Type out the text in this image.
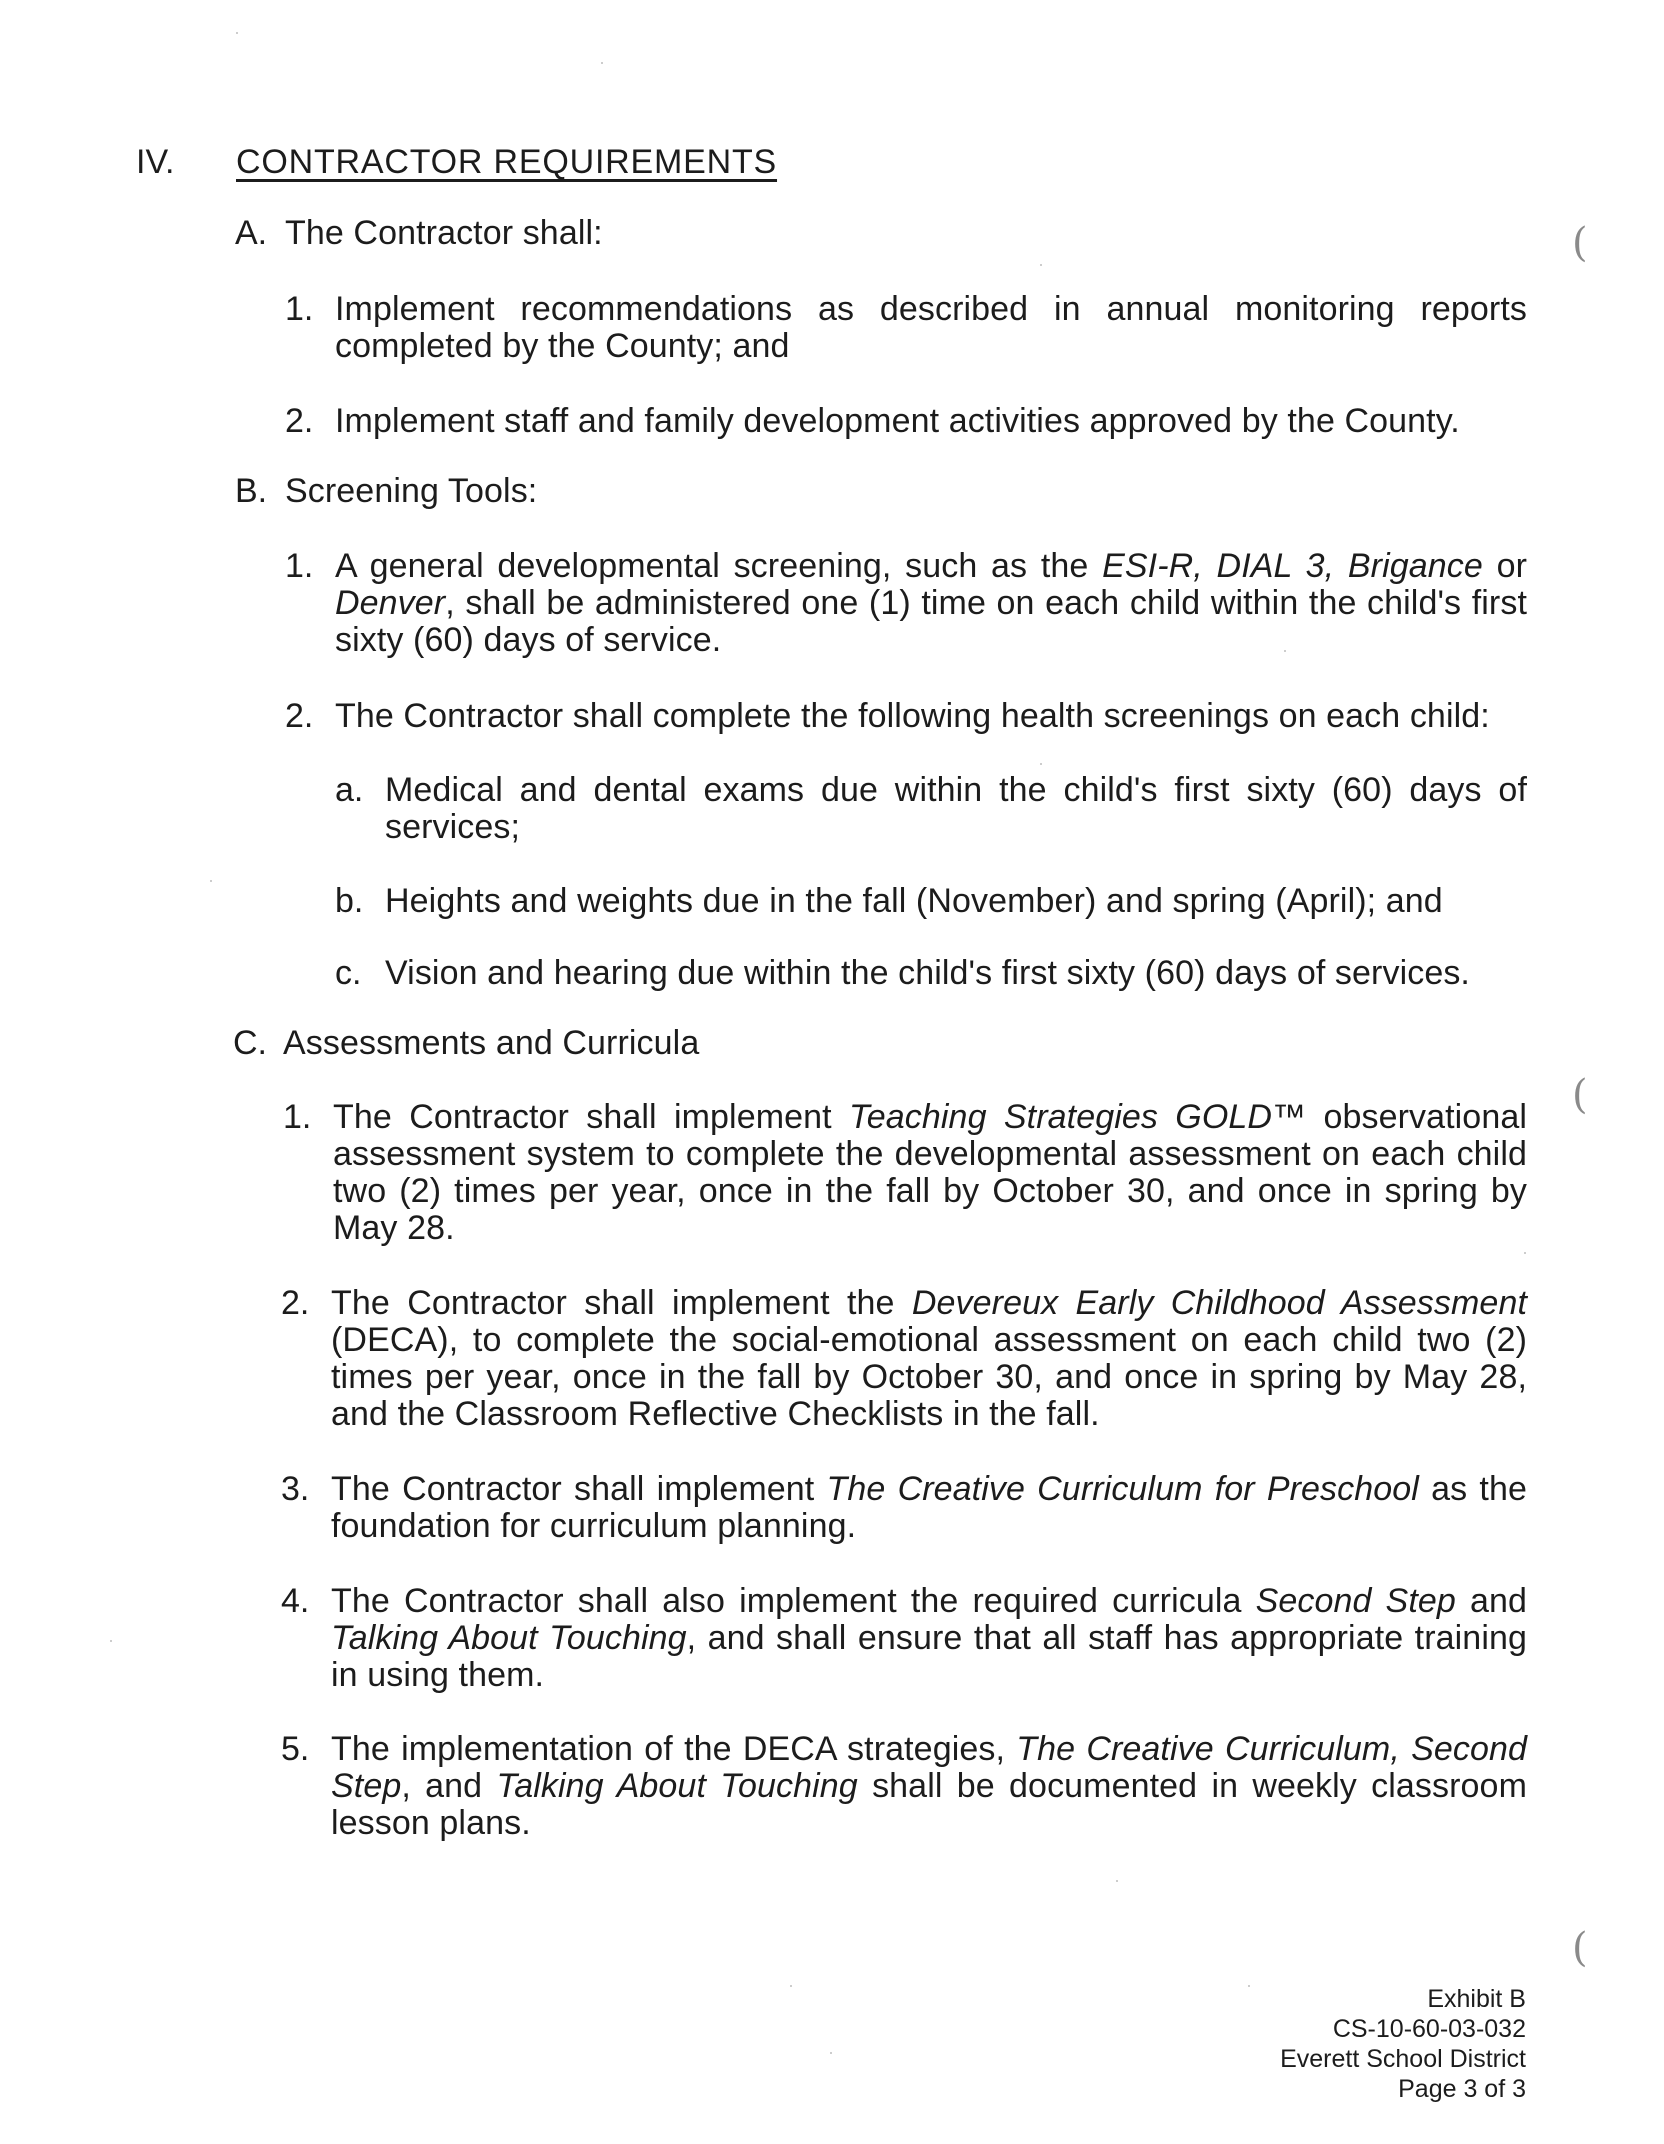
IV. CONTRACTOR REQUIREMENTS
A. The Contractor shall:
1. Implement recommendations as described in annual monitoring reports completed by the County; and
2. Implement staff and family development activities approved by the County.
B. Screening Tools:
1. A general developmental screening, such as the ESI-R, DIAL 3, Brigance or Denver, shall be administered one (1) time on each child within the child's first sixty (60) days of service.
2. The Contractor shall complete the following health screenings on each child:
a. Medical and dental exams due within the child's first sixty (60) days of services;
b. Heights and weights due in the fall (November) and spring (April); and
c. Vision and hearing due within the child's first sixty (60) days of services.
C. Assessments and Curricula
1. The Contractor shall implement Teaching Strategies GOLD™ observational assessment system to complete the developmental assessment on each child two (2) times per year, once in the fall by October 30, and once in spring by May 28.
2. The Contractor shall implement the Devereux Early Childhood Assessment (DECA), to complete the social-emotional assessment on each child two (2) times per year, once in the fall by October 30, and once in spring by May 28, and the Classroom Reflective Checklists in the fall.
3. The Contractor shall implement The Creative Curriculum for Preschool as the foundation for curriculum planning.
4. The Contractor shall also implement the required curricula Second Step and Talking About Touching, and shall ensure that all staff has appropriate training in using them.
5. The implementation of the DECA strategies, The Creative Curriculum, Second Step, and Talking About Touching shall be documented in weekly classroom lesson plans.
Exhibit B
CS-10-60-03-032
Everett School District
Page 3 of 3
(
(
(
